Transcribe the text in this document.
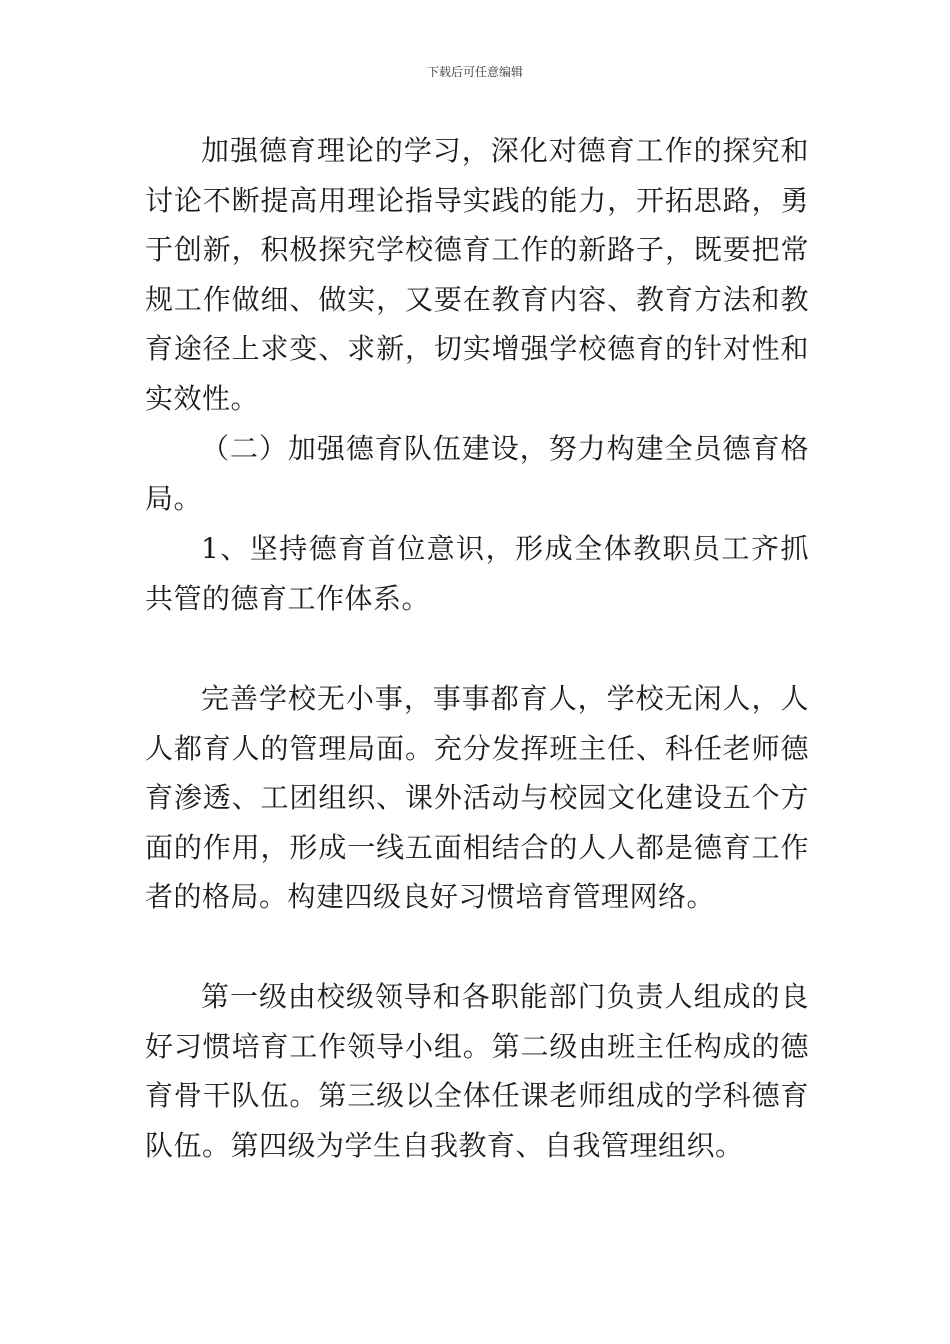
下载后可任意编辑

加强德育理论的学习，深化对德育工作的探究和讨论不断提高用理论指导实践的能力，开拓思路，勇于创新，积极探究学校德育工作的新路子，既要把常规工作做细、做实，又要在教育内容、教育方法和教育途径上求变、求新，切实增强学校德育的针对性和实效性。

（二）加强德育队伍建设，努力构建全员德育格局。

1、坚持德育首位意识，形成全体教职员工齐抓共管的德育工作体系。

完善学校无小事，事事都育人，学校无闲人，人人都育人的管理局面。充分发挥班主任、科任老师德育渗透、工团组织、课外活动与校园文化建设五个方面的作用，形成一线五面相结合的人人都是德育工作者的格局。构建四级良好习惯培育管理网络。

第一级由校级领导和各职能部门负责人组成的良好习惯培育工作领导小组。第二级由班主任构成的德育骨干队伍。第三级以全体任课老师组成的学科德育队伍。第四级为学生自我教育、自我管理组织。
